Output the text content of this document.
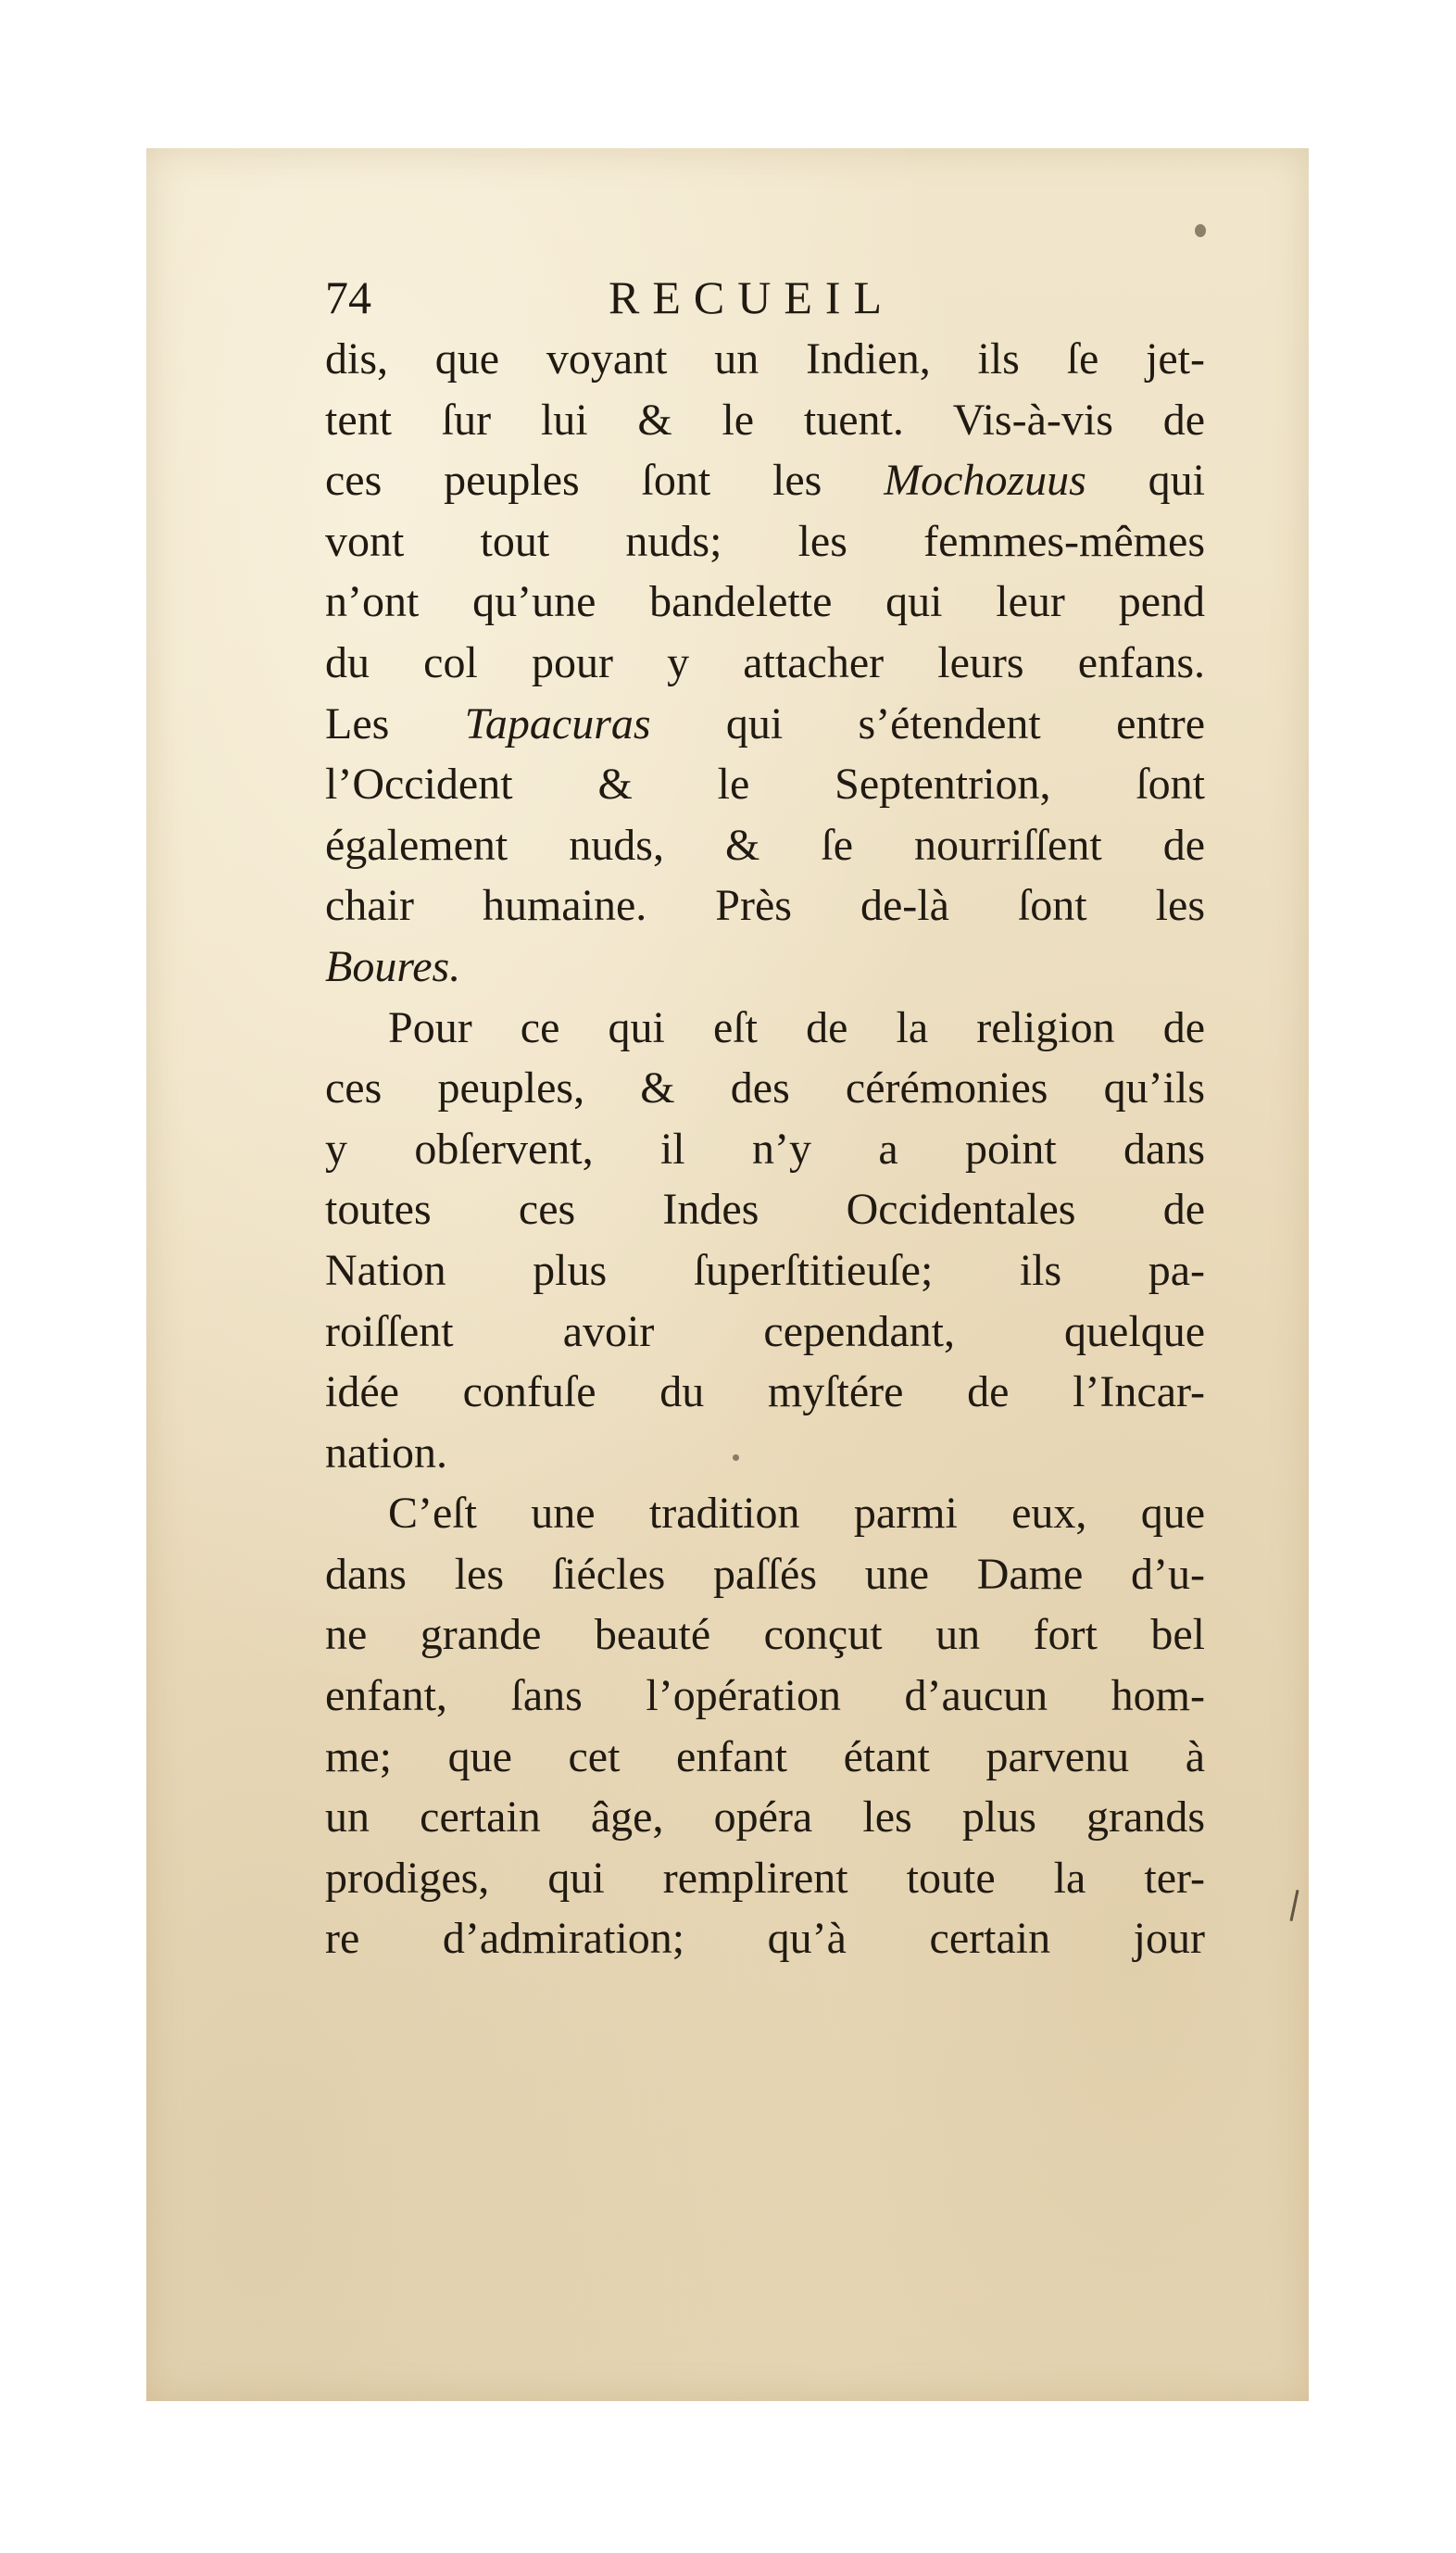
74	RECUEIL
dis, que voyant un Indien, ils ſe jet-
tent ſur lui & le tuent. Vis-à-vis de
ces peuples ſont les Mochozuus qui
vont tout nuds; les femmes-mêmes
n’ont qu’une bandelette qui leur pend
du col pour y attacher leurs enfans.
Les Tapacuras qui s’étendent entre
l’Occident & le Septentrion, ſont
également nuds, & ſe nourriſſent de
chair humaine. Près de-là ſont les
Boures.
Pour ce qui eſt de la religion de
ces peuples, & des cérémonies qu’ils
y obſervent, il n’y a point dans
toutes ces Indes Occidentales de
Nation plus ſuperſtitieuſe; ils pa-
roiſſent avoir cependant, quelque
idée confuſe du myſtére de l’Incar-
nation.
C’eſt une tradition parmi eux, que
dans les ſiécles paſſés une Dame d’u-
ne grande beauté conçut un fort bel
enfant, ſans l’opération d’aucun hom-
me; que cet enfant étant parvenu à
un certain âge, opéra les plus grands
prodiges, qui remplirent toute la ter-
re d’admiration; qu’à certain jour
